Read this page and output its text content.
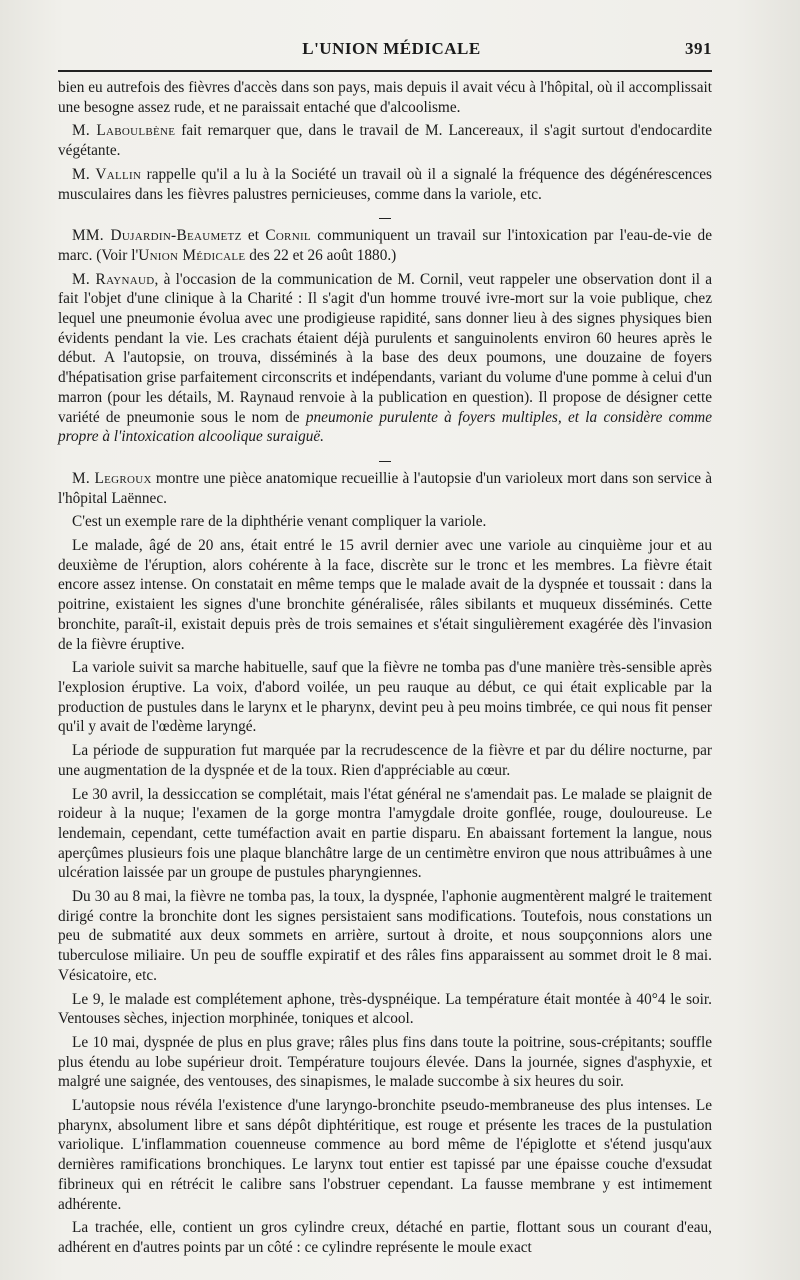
L'UNION MÉDICALE	391

bien eu autrefois des fièvres d'accès dans son pays, mais depuis il avait vécu à l'hôpital, où il accomplissait une besogne assez rude, et ne paraissait entaché que d'alcoolisme.

M. Laboulbène fait remarquer que, dans le travail de M. Lancereaux, il s'agit surtout d'endocardite végétante.

M. Vallin rappelle qu'il a lu à la Société un travail où il a signalé la fréquence des dégénérescences musculaires dans les fièvres palustres pernicieuses, comme dans la variole, etc.

MM. Dujardin-Beaumetz et Cornil communiquent un travail sur l'intoxication par l'eau-de-vie de marc. (Voir l'Union Médicale des 22 et 26 août 1880.)

M. Raynaud, à l'occasion de la communication de M. Cornil, veut rappeler une observation dont il a fait l'objet d'une clinique à la Charité : Il s'agit d'un homme trouvé ivre-mort sur la voie publique, chez lequel une pneumonie évolua avec une prodigieuse rapidité, sans donner lieu à des signes physiques bien évidents pendant la vie. Les crachats étaient déjà purulents et sanguinolents environ 60 heures après le début. A l'autopsie, on trouva, disséminés à la base des deux poumons, une douzaine de foyers d'hépatisation grise parfaitement circonscrits et indépendants, variant du volume d'une pomme à celui d'un marron (pour les détails, M. Raynaud renvoie à la publication en question). Il propose de désigner cette variété de pneumonie sous le nom de pneumonie purulente à foyers multiples, et la considère comme propre à l'intoxication alcoolique suraiguë.

M. Legroux montre une pièce anatomique recueillie à l'autopsie d'un varioleux mort dans son service à l'hôpital Laënnec.

C'est un exemple rare de la diphthérie venant compliquer la variole.

Le malade, âgé de 20 ans, était entré le 15 avril dernier avec une variole au cinquième jour et au deuxième de l'éruption, alors cohérente à la face, discrète sur le tronc et les membres. La fièvre était encore assez intense. On constatait en même temps que le malade avait de la dyspnée et toussait : dans la poitrine, existaient les signes d'une bronchite généralisée, râles sibilants et muqueux disséminés. Cette bronchite, paraît-il, existait depuis près de trois semaines et s'était singulièrement exagérée dès l'invasion de la fièvre éruptive.

La variole suivit sa marche habituelle, sauf que la fièvre ne tomba pas d'une manière très-sensible après l'explosion éruptive. La voix, d'abord voilée, un peu rauque au début, ce qui était explicable par la production de pustules dans le larynx et le pharynx, devint peu à peu moins timbrée, ce qui nous fit penser qu'il y avait de l'œdème laryngé.

La période de suppuration fut marquée par la recrudescence de la fièvre et par du délire nocturne, par une augmentation de la dyspnée et de la toux. Rien d'appréciable au cœur.

Le 30 avril, la dessiccation se complétait, mais l'état général ne s'amendait pas. Le malade se plaignit de roideur à la nuque; l'examen de la gorge montra l'amygdale droite gonflée, rouge, douloureuse. Le lendemain, cependant, cette tuméfaction avait en partie disparu. En abaissant fortement la langue, nous aperçûmes plusieurs fois une plaque blanchâtre large de un centimètre environ que nous attribuâmes à une ulcération laissée par un groupe de pustules pharyngiennes.

Du 30 au 8 mai, la fièvre ne tomba pas, la toux, la dyspnée, l'aphonie augmentèrent malgré le traitement dirigé contre la bronchite dont les signes persistaient sans modifications. Toutefois, nous constations un peu de submatité aux deux sommets en arrière, surtout à droite, et nous soupçonnions alors une tuberculose miliaire. Un peu de souffle expiratif et des râles fins apparaissent au sommet droit le 8 mai. Vésicatoire, etc.

Le 9, le malade est complétement aphone, très-dyspnéique. La température était montée à 40°4 le soir. Ventouses sèches, injection morphinée, toniques et alcool.

Le 10 mai, dyspnée de plus en plus grave; râles plus fins dans toute la poitrine, sous-crépitants; souffle plus étendu au lobe supérieur droit. Température toujours élevée. Dans la journée, signes d'asphyxie, et malgré une saignée, des ventouses, des sinapismes, le malade succombe à six heures du soir.

L'autopsie nous révéla l'existence d'une laryngo-bronchite pseudo-membraneuse des plus intenses. Le pharynx, absolument libre et sans dépôt diphtéritique, est rouge et présente les traces de la pustulation variolique. L'inflammation couenneuse commence au bord même de l'épiglotte et s'étend jusqu'aux dernières ramifications bronchiques. Le larynx tout entier est tapissé par une épaisse couche d'exsudat fibrineux qui en rétrécit le calibre sans l'obstruer cependant. La fausse membrane y est intimement adhérente.

La trachée, elle, contient un gros cylindre creux, détaché en partie, flottant sous un courant d'eau, adhérent en d'autres points par un côté : ce cylindre représente le moule exact
